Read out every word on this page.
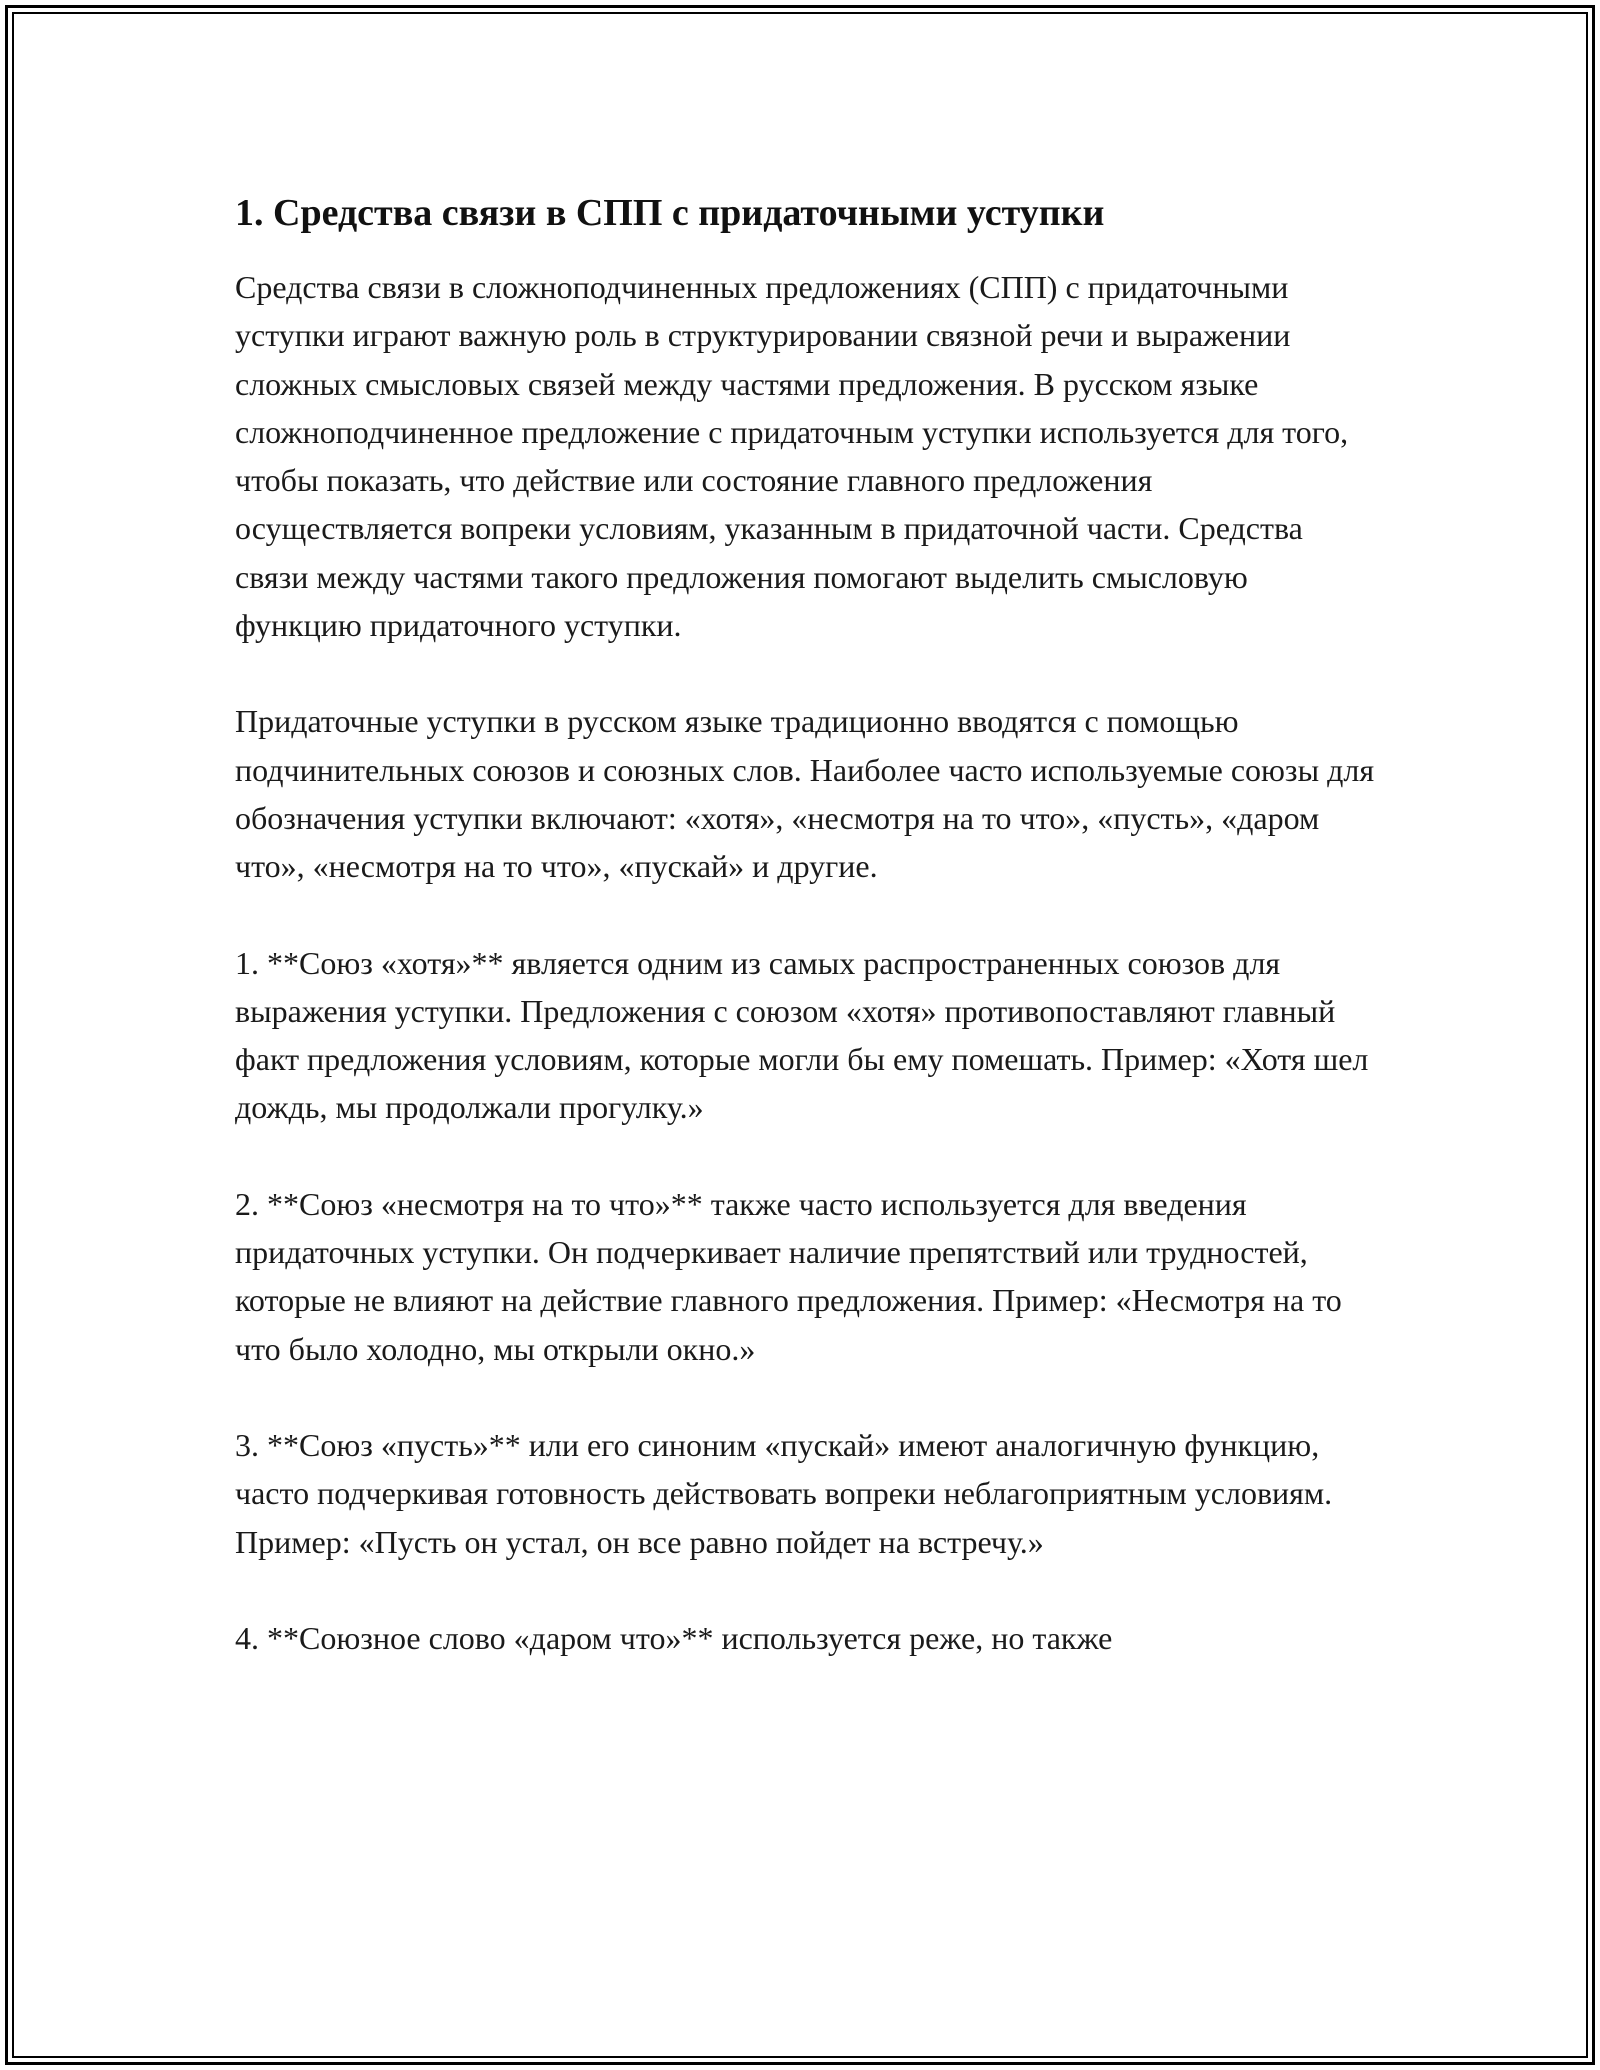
1. Средства связи в СПП с придаточными уступки

Средства связи в сложноподчиненных предложениях (СПП) с придаточными уступки играют важную роль в структурировании связной речи и выражении сложных смысловых связей между частями предложения. В русском языке сложноподчиненное предложение с придаточным уступки используется для того, чтобы показать, что действие или состояние главного предложения осуществляется вопреки условиям, указанным в придаточной части. Средства связи между частями такого предложения помогают выделить смысловую функцию придаточного уступки.

Придаточные уступки в русском языке традиционно вводятся с помощью подчинительных союзов и союзных слов. Наиболее часто используемые союзы для обозначения уступки включают: «хотя», «несмотря на то что», «пусть», «даром что», «несмотря на то что», «пускай» и другие.

1. **Союз «хотя»** является одним из самых распространенных союзов для выражения уступки. Предложения с союзом «хотя» противопоставляют главный факт предложения условиям, которые могли бы ему помешать. Пример: «Хотя шел дождь, мы продолжали прогулку.»

2. **Союз «несмотря на то что»** также часто используется для введения придаточных уступки. Он подчеркивает наличие препятствий или трудностей, которые не влияют на действие главного предложения. Пример: «Несмотря на то что было холодно, мы открыли окно.»

3. **Союз «пусть»** или его синоним «пускай» имеют аналогичную функцию, часто подчеркивая готовность действовать вопреки неблагоприятным условиям. Пример: «Пусть он устал, он все равно пойдет на встречу.»

4. **Союзное слово «даром что»** используется реже, но также
